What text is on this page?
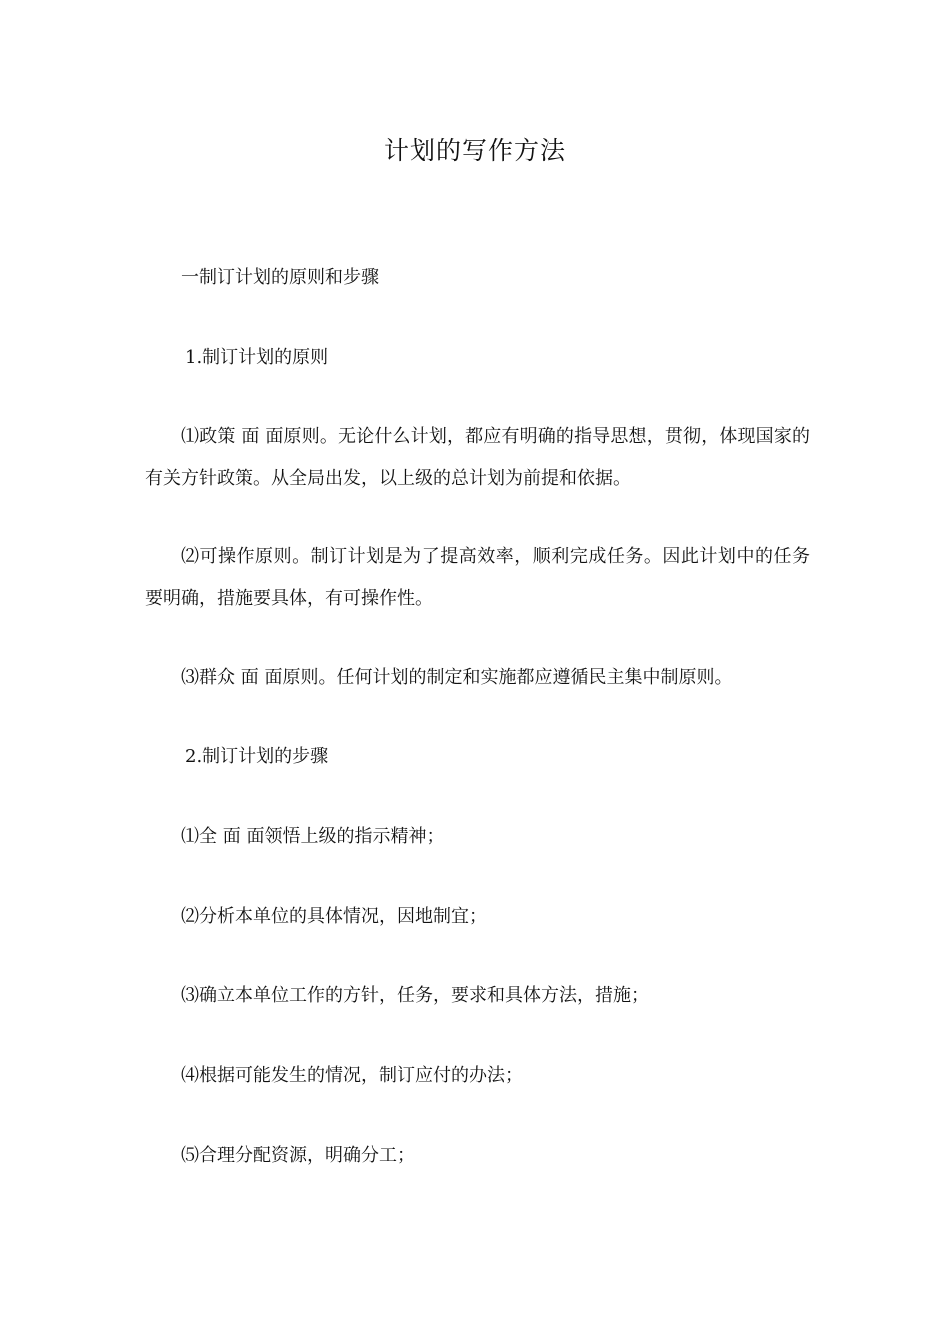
计划的写作方法
一制订计划的原则和步骤
1.制订计划的原则
⑴政策 面 面原则。无论什么计划，都应有明确的指导思想，贯彻，体现国家的有关方针政策。从全局出发，以上级的总计划为前提和依据。
⑵可操作原则。制订计划是为了提高效率，顺利完成任务。因此计划中的任务要明确，措施要具体，有可操作性。
⑶群众 面 面原则。任何计划的制定和实施都应遵循民主集中制原则。
2.制订计划的步骤
⑴全 面 面领悟上级的指示精神；
⑵分析本单位的具体情况，因地制宜；
⑶确立本单位工作的方针，任务，要求和具体方法，措施；
⑷根据可能发生的情况，制订应付的办法；
⑸合理分配资源，明确分工；
